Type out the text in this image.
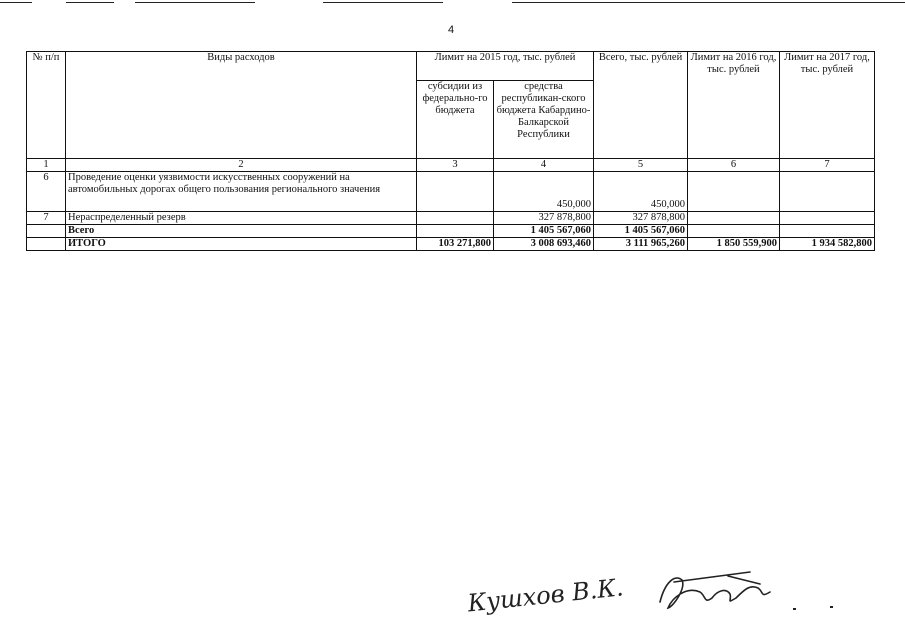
4
№ п/п	Виды расходов	Лимит на 2015 год, тыс. рублей		Всего, тыс. рублей	Лимит на 2016 год, тыс. рублей	Лимит на 2017 год, тыс. рублей
		субсидии из федерально-го бюджета	средства республикан-ского бюджета Кабардино-Балкарской Республики			
1	2	3	4	5	6	7
6	Проведение оценки уязвимости искусственных сооружений на автомобильных дорогах общего пользования регионального значения		450,000	450,000		
7	Нераспределенный резерв		327 878,800	327 878,800		
	Всего		1 405 567,060	1 405 567,060		
	ИТОГО	103 271,800	3 008 693,460	3 111 965,260	1 850 559,900	1 934 582,800
Кушхов В.К.
